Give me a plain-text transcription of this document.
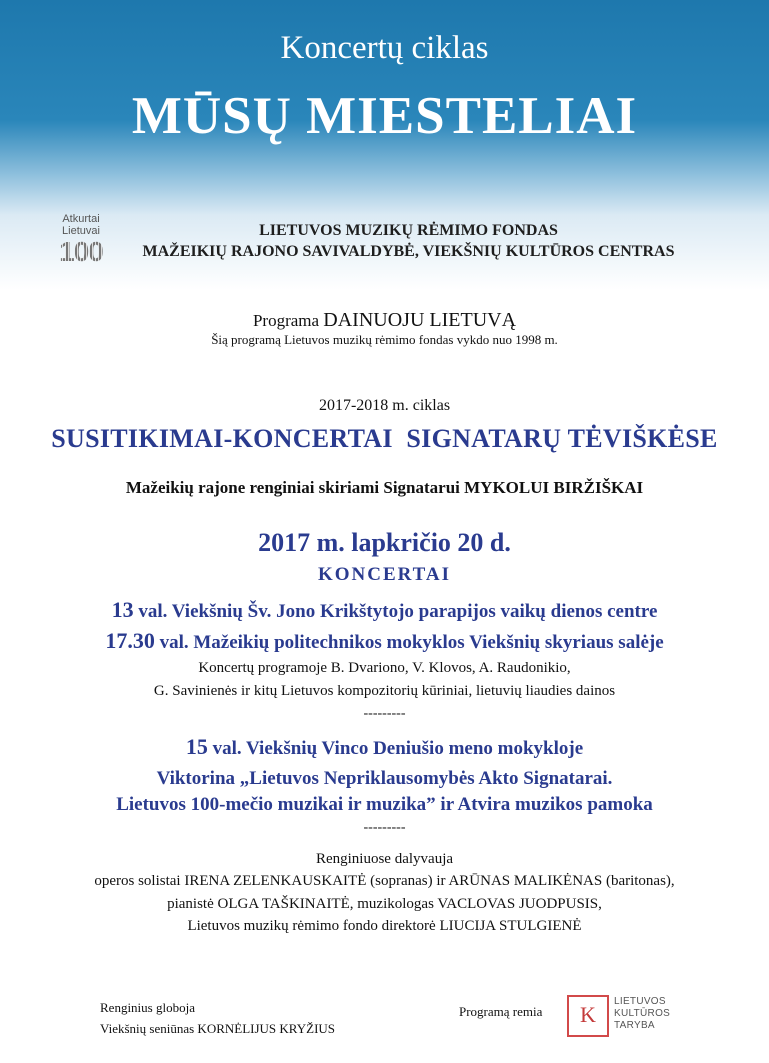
Koncertų ciklas
MŪSŲ MIESTELIAI
Atkurtai
Lietuvai
100
LIETUVOS MUZIKŲ RĖMIMO FONDAS
MAŽEIKIŲ RAJONO SAVIVALDYBĖ, VIEKŠNIŲ KULTŪROS CENTRAS
Programa DAINUOJU LIETUVĄ
Šią programą Lietuvos muzikų rėmimo fondas vykdo nuo 1998 m.
2017-2018 m. ciklas
SUSITIKIMAI-KONCERTAI  SIGNATARŲ TĖVIŠKĖSE
Mažeikių rajone renginiai skiriami Signatarui MYKOLUI BIRŽIŠKAI
2017 m. lapkričio 20 d.
KONCERTAI
13 val. Viekšnių Šv. Jono Krikštytojo parapijos vaikų dienos centre
17.30 val. Mažeikių politechnikos mokyklos Viekšnių skyriaus salėje
Koncertų programoje B. Dvariono, V. Klovos, A. Raudonikio,
G. Savinienės ir kitų Lietuvos kompozitorių kūriniai, lietuvių liaudies dainos
---------
15 val. Viekšnių Vinco Deniušio meno mokykloje
Viktorina „Lietuvos Nepriklausomybės Akto Signatarai.
Lietuvos 100-mečio muzikai ir muzika” ir Atvira muzikos pamoka
---------
Renginiuose dalyvauja
operos solistai IRENA ZELENKAUSKAITĖ (sopranas) ir ARŪNAS MALIKĖNAS (baritonas),
pianistė OLGA TAŠKINAITĖ, muzikologas VACLOVAS JUODPUSIS,
Lietuvos muzikų rėmimo fondo direktorė LIUCIJA STULGIENĖ
Renginius globoja
Viekšnių seniūnas KORNĖLIJUS KRYŽIUS
Programą remia	K
LIETUVOS
KULTŪROS
TARYBA
